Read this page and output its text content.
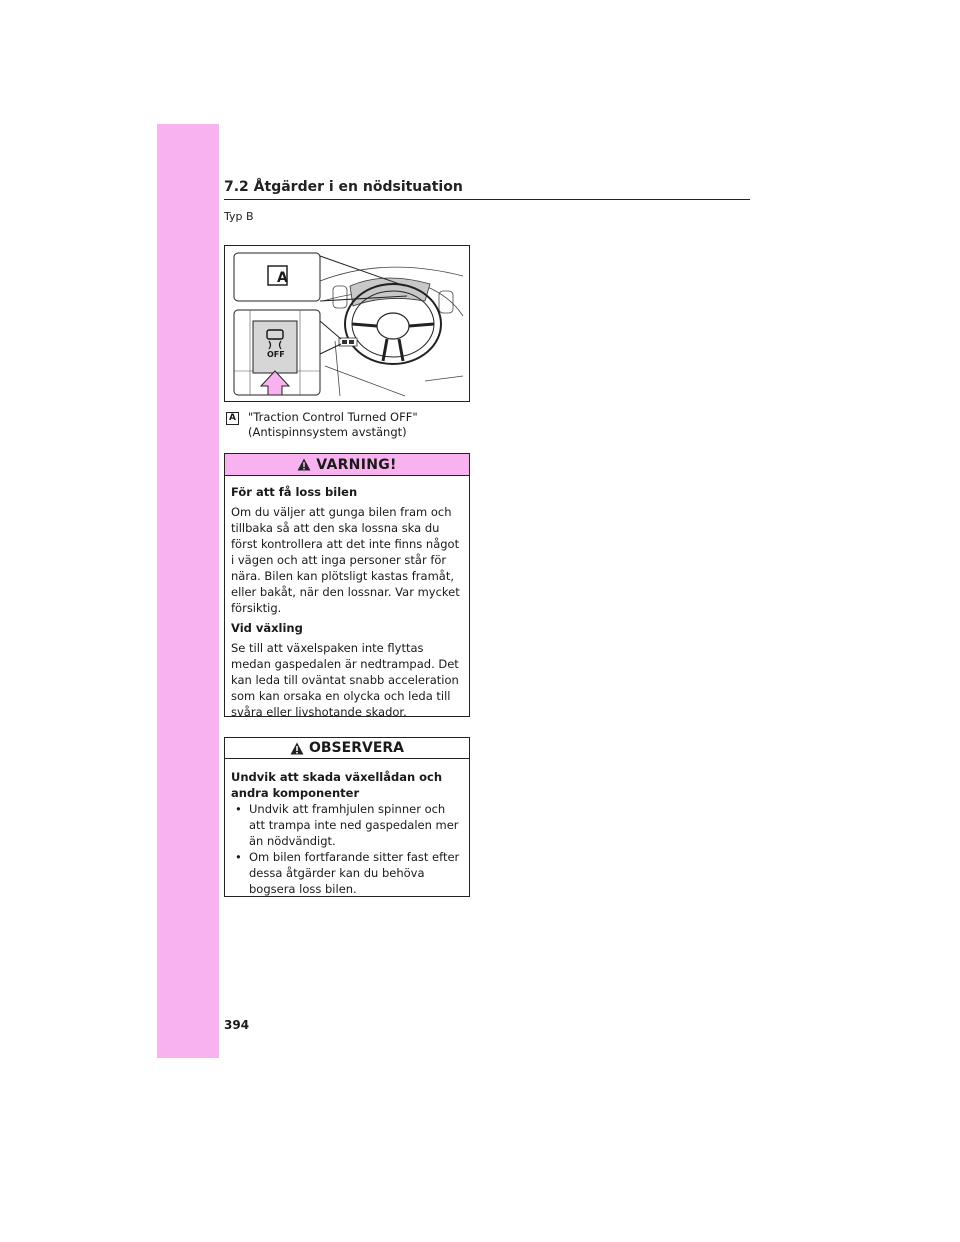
7.2 Åtgärder i en nödsituation
Typ B
A
OFF
A "Traction Control Turned OFF"
(Antispinnsystem avstängt)
VARNING!

För att få loss bilen

Om du väljer att gunga bilen fram och tillbaka så att den ska lossna ska du först kontrollera att det inte finns något i vägen och att inga personer står för nära. Bilen kan plötsligt kastas framåt, eller bakåt, när den lossnar. Var mycket försiktig.

Vid växling

Se till att växelspaken inte flyttas medan gaspedalen är nedtrampad. Det kan leda till oväntat snabb acceleration som kan orsaka en olycka och leda till svåra eller livshotande skador.

OBSERVERA

Undvik att skada växellådan och andra komponenter

• Undvik att framhjulen spinner och att trampa inte ned gaspedalen mer än nödvändigt.
• Om bilen fortfarande sitter fast efter dessa åtgärder kan du behöva bogsera loss bilen.
394
